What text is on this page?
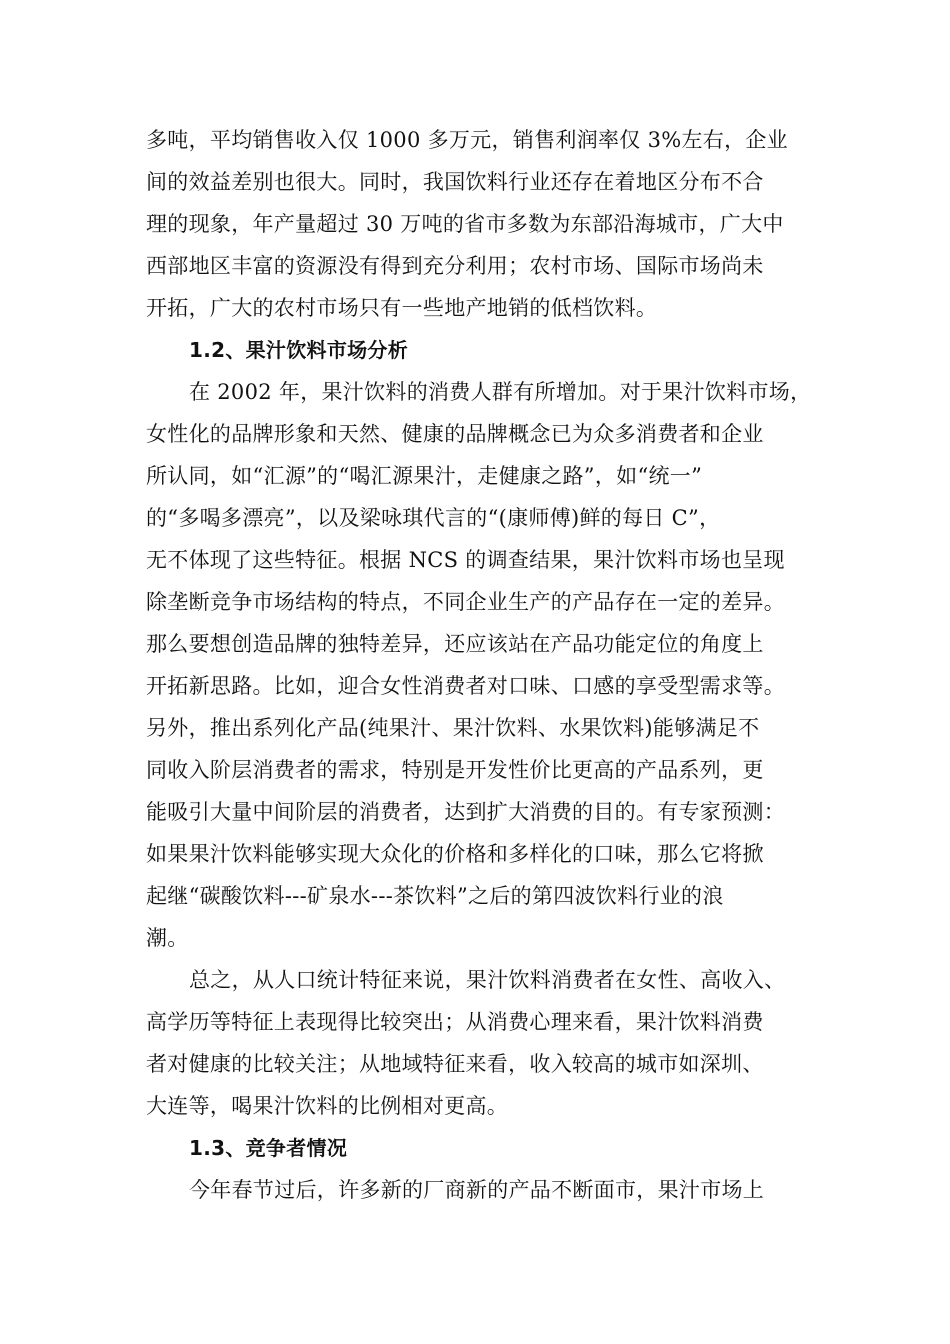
多吨，平均销售收入仅 1000 多万元，销售利润率仅 3%左右，企业
间的效益差别也很大。同时，我国饮料行业还存在着地区分布不合
理的现象，年产量超过 30 万吨的省市多数为东部沿海城市，广大中
西部地区丰富的资源没有得到充分利用；农村市场、国际市场尚未
开拓，广大的农村市场只有一些地产地销的低档饮料。
1.2、果汁饮料市场分析
在 2002 年，果汁饮料的消费人群有所增加。对于果汁饮料市场，
女性化的品牌形象和天然、健康的品牌概念已为众多消费者和企业
所认同，如“汇源”的“喝汇源果汁，走健康之路”，如“统一”
的“多喝多漂亮”，以及梁咏琪代言的“(康师傅)鲜的每日 C”，
无不体现了这些特征。根据 NCS 的调查结果，果汁饮料市场也呈现
除垄断竞争市场结构的特点，不同企业生产的产品存在一定的差异。
那么要想创造品牌的独特差异，还应该站在产品功能定位的角度上
开拓新思路。比如，迎合女性消费者对口味、口感的享受型需求等。
另外，推出系列化产品(纯果汁、果汁饮料、水果饮料)能够满足不
同收入阶层消费者的需求，特别是开发性价比更高的产品系列，更
能吸引大量中间阶层的消费者，达到扩大消费的目的。有专家预测：
如果果汁饮料能够实现大众化的价格和多样化的口味，那么它将掀
起继“碳酸饮料---矿泉水---茶饮料”之后的第四波饮料行业的浪
潮。
总之，从人口统计特征来说，果汁饮料消费者在女性、高收入、
高学历等特征上表现得比较突出；从消费心理来看，果汁饮料消费
者对健康的比较关注；从地域特征来看，收入较高的城市如深圳、
大连等，喝果汁饮料的比例相对更高。
1.3、竞争者情况
今年春节过后，许多新的厂商新的产品不断面市，果汁市场上
